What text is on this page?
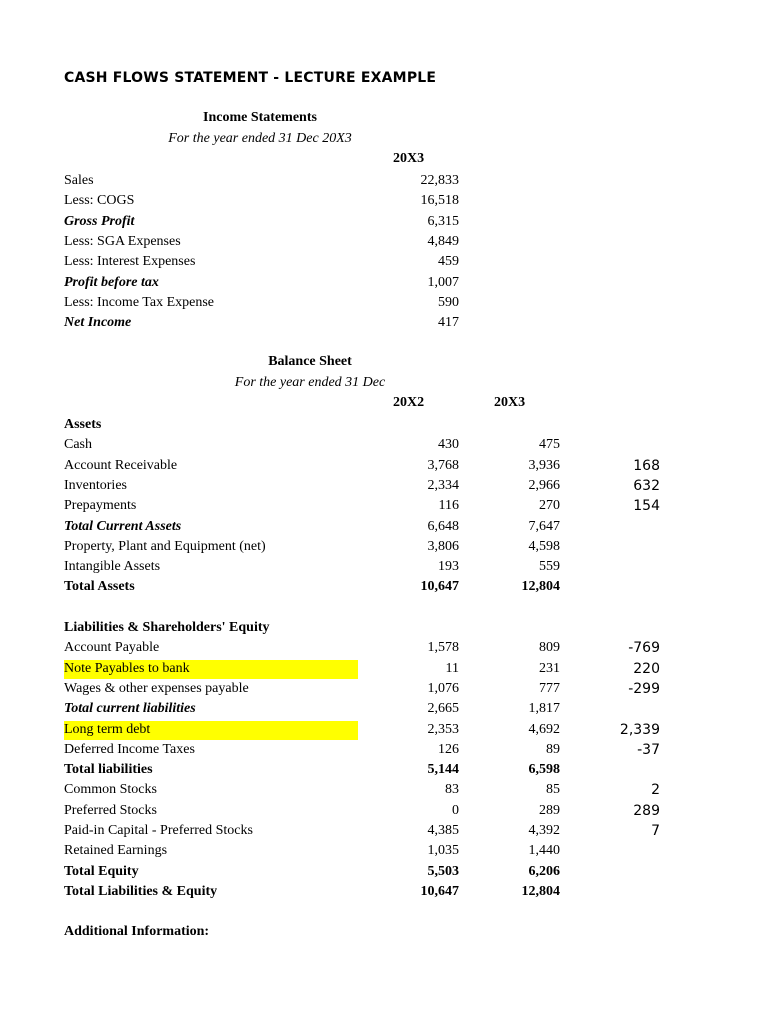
CASH FLOWS STATEMENT - LECTURE EXAMPLE
Income Statements
For the year ended 31 Dec 20X3
20X3
Sales	22,833
Less: COGS	16,518
Gross Profit	6,315
Less: SGA Expenses	4,849
Less: Interest Expenses	459
Profit before tax	1,007
Less: Income Tax Expense	590
Net Income	417
Balance Sheet
For the year ended 31 Dec
20X2	20X3
Assets
Cash	430	475
Account Receivable	3,768	3,936	168
Inventories	2,334	2,966	632
Prepayments	116	270	154
Total Current Assets	6,648	7,647
Property, Plant and Equipment (net)	3,806	4,598
Intangible Assets	193	559
Total Assets	10,647	12,804
Liabilities & Shareholders' Equity
Account Payable	1,578	809	-769
Note Payables to bank	11	231	220
Wages & other expenses payable	1,076	777	-299
Total current liabilities	2,665	1,817
Long term debt	2,353	4,692	2,339
Deferred Income Taxes	126	89	-37
Total liabilities	5,144	6,598
Common Stocks	83	85	2
Preferred Stocks	0	289	289
Paid-in Capital - Preferred Stocks	4,385	4,392	7
Retained Earnings	1,035	1,440
Total Equity	5,503	6,206
Total Liabilities & Equity	10,647	12,804
Additional Information:
